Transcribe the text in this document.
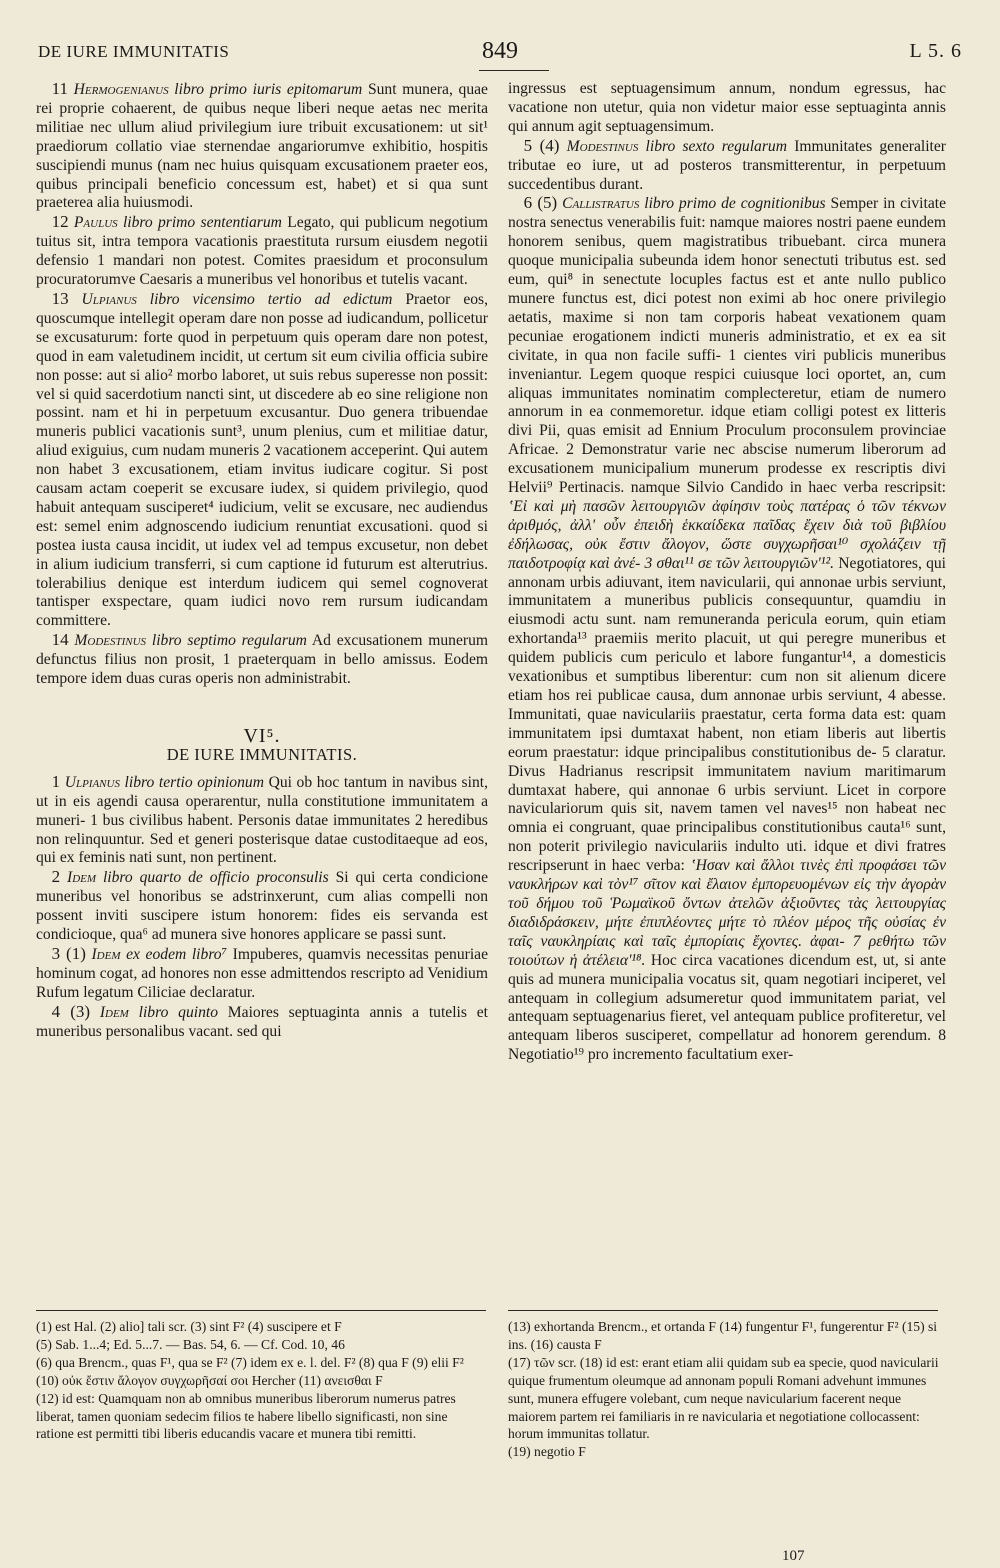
DE IURE IMMUNITATIS	849	L 5. 6

 11 Hermogenianus libro primo iuris epitomarum Sunt munera, quae rei proprie cohaerent, de quibus neque liberi neque aetas nec merita militiae nec ullum aliud privilegium iure tribuit excusationem: ut sit¹ praediorum collatio viae sternendae angariorumve exhibitio, hospitis suscipiendi munus (nam nec huius quisquam excusationem praeter eos, quibus principali beneficio concessum est, habet) et si qua sunt praeterea alia huiusmodi.

 12 Paulus libro primo sententiarum Legato, qui publicum negotium tuitus sit, intra tempora vacationis praestituta rursum eiusdem negotii defensio 1 mandari non potest. Comites praesidum et proconsulum procuratorumve Caesaris a muneribus vel honoribus et tutelis vacant.

 13 Ulpianus libro vicensimo tertio ad edictum Praetor eos, quoscumque intellegit operam dare non posse ad iudicandum, pollicetur se excusaturum: forte quod in perpetuum quis operam dare non potest, quod in eam valetudinem incidit, ut certum sit eum civilia officia subire non posse: aut si alio² morbo laboret, ut suis rebus superesse non possit: vel si quid sacerdotium nancti sint, ut discedere ab eo sine religione non possint. nam et hi in perpetuum excusantur. Duo genera tribuendae muneris publici vacationis sunt³, unum plenius, cum et militiae datur, aliud exiguius, cum nudam muneris 2 vacationem acceperint. Qui autem non habet 3 excusationem, etiam invitus iudicare cogitur. Si post causam actam coeperit se excusare iudex, si quidem privilegio, quod habuit antequam susciperet⁴ iudicium, velit se excusare, nec audiendus est: semel enim adgnoscendo iudicium renuntiat excusationi. quod si postea iusta causa incidit, ut iudex vel ad tempus excusetur, non debet in alium iudicium transferri, si cum captione id futurum est alterutrius. tolerabilius denique est interdum iudicem qui semel cognoverat tantisper exspectare, quam iudici novo rem rursum iudicandam committere.

 14 Modestinus libro septimo regularum Ad excusationem munerum defunctus filius non prosit, 1 praeterquam in bello amissus. Eodem tempore idem duas curas operis non administrabit.

VI⁵.
DE IURE IMMUNITATIS.

 1 Ulpianus libro tertio opinionum Qui ob hoc tantum in navibus sint, ut in eis agendi causa operarentur, nulla constitutione immunitatem a muneri- 1 bus civilibus habent. Personis datae immunitates 2 heredibus non relinquuntur. Sed et generi posterisque datae custoditaeque ad eos, qui ex feminis nati sunt, non pertinent.

 2 Idem libro quarto de officio proconsulis Si qui certa condicione muneribus vel honoribus se adstrinxerunt, cum alias compelli non possent inviti suscipere istum honorem: fides eis servanda est condicioque, qua⁶ ad munera sive honores applicare se passi sunt.

 3 (1) Idem ex eodem libro⁷ Impuberes, quamvis necessitas penuriae hominum cogat, ad honores non esse admittendos rescripto ad Venidium Rufum legatum Ciliciae declaratur.

 4 (3) Idem libro quinto Maiores septuaginta annis a tutelis et muneribus personalibus vacant. sed qui

ingressus est septuagensimum annum, nondum egressus, hac vacatione non utetur, quia non videtur maior esse septuaginta annis qui annum agit septuagensimum.

 5 (4) Modestinus libro sexto regularum Immunitates generaliter tributae eo iure, ut ad posteros transmitterentur, in perpetuum succedentibus durant.

 6 (5) Callistratus libro primo de cognitionibus Semper in civitate nostra senectus venerabilis fuit: namque maiores nostri paene eundem honorem senibus, quem magistratibus tribuebant. circa munera quoque municipalia subeunda idem honor senectuti tributus est. sed eum, qui⁸ in senectute locuples factus est et ante nullo publico munere functus est, dici potest non eximi ab hoc onere privilegio aetatis, maxime si non tam corporis habeat vexationem quam pecuniae erogationem indicti muneris administratio, et ex ea sit civitate, in qua non facile suffi- 1 cientes viri publicis muneribus inveniantur. Legem quoque respici cuiusque loci oportet, an, cum aliquas immunitates nominatim complecteretur, etiam de numero annorum in ea conmemoretur. idque etiam colligi potest ex litteris divi Pii, quas emisit ad Ennium Proculum proconsulem provinciae Africae. 2 Demonstratur varie nec abscise numerum liberorum ad excusationem municipalium munerum prodesse ex rescriptis divi Helvii⁹ Pertinacis. namque Silvio Candido in haec verba rescripsit: ʽΕἰ καὶ μὴ πασῶν λειτουργιῶν ἀφίησιν τοὺς πατέρας ὁ τῶν τέκνων ἀριθμός, ἀλλ' οὖν ἐπειδὴ ἑκκαίδεκα παῖδας ἔχειν διὰ τοῦ βιβλίου ἐδήλωσας, οὐκ ἔστιν ἄλογον, ὥστε συγχωρῆσαι¹⁰ σχολάζειν τῇ παιδοτροφίᾳ καὶ ἀνέ- 3 σθαι¹¹ σε τῶν λειτουργιῶν'¹². Negotiatores, qui annonam urbis adiuvant, item navicularii, qui annonae urbis serviunt, immunitatem a muneribus publicis consequuntur, quamdiu in eiusmodi actu sunt. nam remuneranda pericula eorum, quin etiam exhortanda¹³ praemiis merito placuit, ut qui peregre muneribus et quidem publicis cum periculo et labore fungantur¹⁴, a domesticis vexationibus et sumptibus liberentur: cum non sit alienum dicere etiam hos rei publicae causa, dum annonae urbis serviunt, 4 abesse. Immunitati, quae naviculariis praestatur, certa forma data est: quam immunitatem ipsi dumtaxat habent, non etiam liberis aut libertis eorum praestatur: idque principalibus constitutionibus de- 5 claratur. Divus Hadrianus rescripsit immunitatem navium maritimarum dumtaxat habere, qui annonae 6 urbis serviunt. Licet in corpore naviculariorum quis sit, navem tamen vel naves¹⁵ non habeat nec omnia ei congruant, quae principalibus constitutionibus cauta¹⁶ sunt, non poterit privilegio naviculariis indulto uti. idque et divi fratres rescripserunt in haec verba: ʽΗσαν καὶ ἄλλοι τινὲς ἐπὶ προφάσει τῶν ναυκλήρων καὶ τὸν¹⁷ σῖτον καὶ ἔλαιον ἐμπορευομένων εἰς τὴν ἀγορὰν τοῦ δήμου τοῦ Ῥωμαϊκοῦ ὄντων ἀτελῶν ἀξιοῦντες τὰς λειτουργίας διαδιδράσκειν, μήτε ἐπιπλέοντες μήτε τὸ πλέον μέρος τῆς οὐσίας ἐν ταῖς ναυκληρίαις καὶ ταῖς ἐμπορίαις ἔχοντες. ἀφαι- 7 ρεθήτω τῶν τοιούτων ἡ ἀτέλεια'¹⁸. Hoc circa vacationes dicendum est, ut, si ante quis ad munera municipalia vocatus sit, quam negotiari inciperet, vel antequam in collegium adsumeretur quod immunitatem pariat, vel antequam septuagenarius fieret, vel antequam publice profiteretur, vel antequam liberos susciperet, compellatur ad honorem gerendum. 8 Negotiatio¹⁹ pro incremento facultatium exer-

(1) est Hal. (2) alio] tali scr. (3) sint F² (4) suscipere et F

(5) Sab. 1...4; Ed. 5...7. — Bas. 54, 6. — Cf. Cod. 10, 46

(6) qua Brencm., quas F¹, qua se F² (7) idem ex e. l. del. F² (8) qua F (9) elii F² (10) οὐκ ἔστιν ἄλογον συγχωρῆσαί σοι Hercher (11) ανεισθαι F

(12) id est: Quamquam non ab omnibus muneribus liberorum numerus patres liberat, tamen quoniam sedecim filios te habere libello significasti, non sine ratione est permitti tibi liberis educandis vacare et munera tibi remitti.

(13) exhortanda Brencm., et ortanda F (14) fungentur F¹, fungerentur F² (15) si ins. (16) causta F

(17) τῶν scr. (18) id est: erant etiam alii quidam sub ea specie, quod navicularii quique frumentum oleumque ad annonam populi Romani advehunt immunes sunt, munera effugere volebant, cum neque navicularium facerent neque maiorem partem rei familiaris in re navicularia et negotiatione collocassent: horum immunitas tollatur.

(19) negotio F

107
